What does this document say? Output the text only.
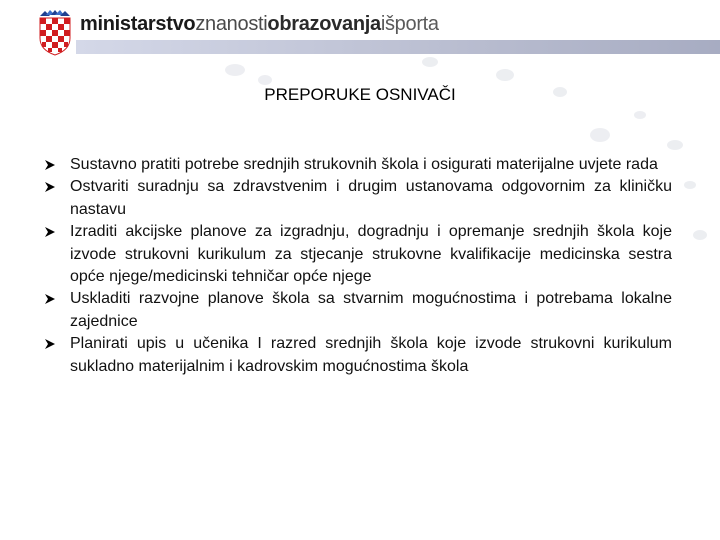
ministarstvoznanostiobrazovanjaišporta
PREPORUKE OSNIVAČI
Sustavno pratiti potrebe srednjih strukovnih škola i osigurati materijalne uvjete rada
Ostvariti suradnju sa zdravstvenim i drugim ustanovama odgovornim za kliničku nastavu
Izraditi akcijske planove za izgradnju, dogradnju i opremanje srednjih škola koje izvode strukovni kurikulum za stjecanje strukovne kvalifikacije medicinska sestra opće njege/medicinski tehničar opće njege
Uskladiti razvojne planove škola sa stvarnim mogućnostima i potrebama lokalne zajednice
Planirati upis u učenika I razred srednjih škola koje izvode strukovni kurikulum sukladno materijalnim i kadrovskim mogućnostima škola
